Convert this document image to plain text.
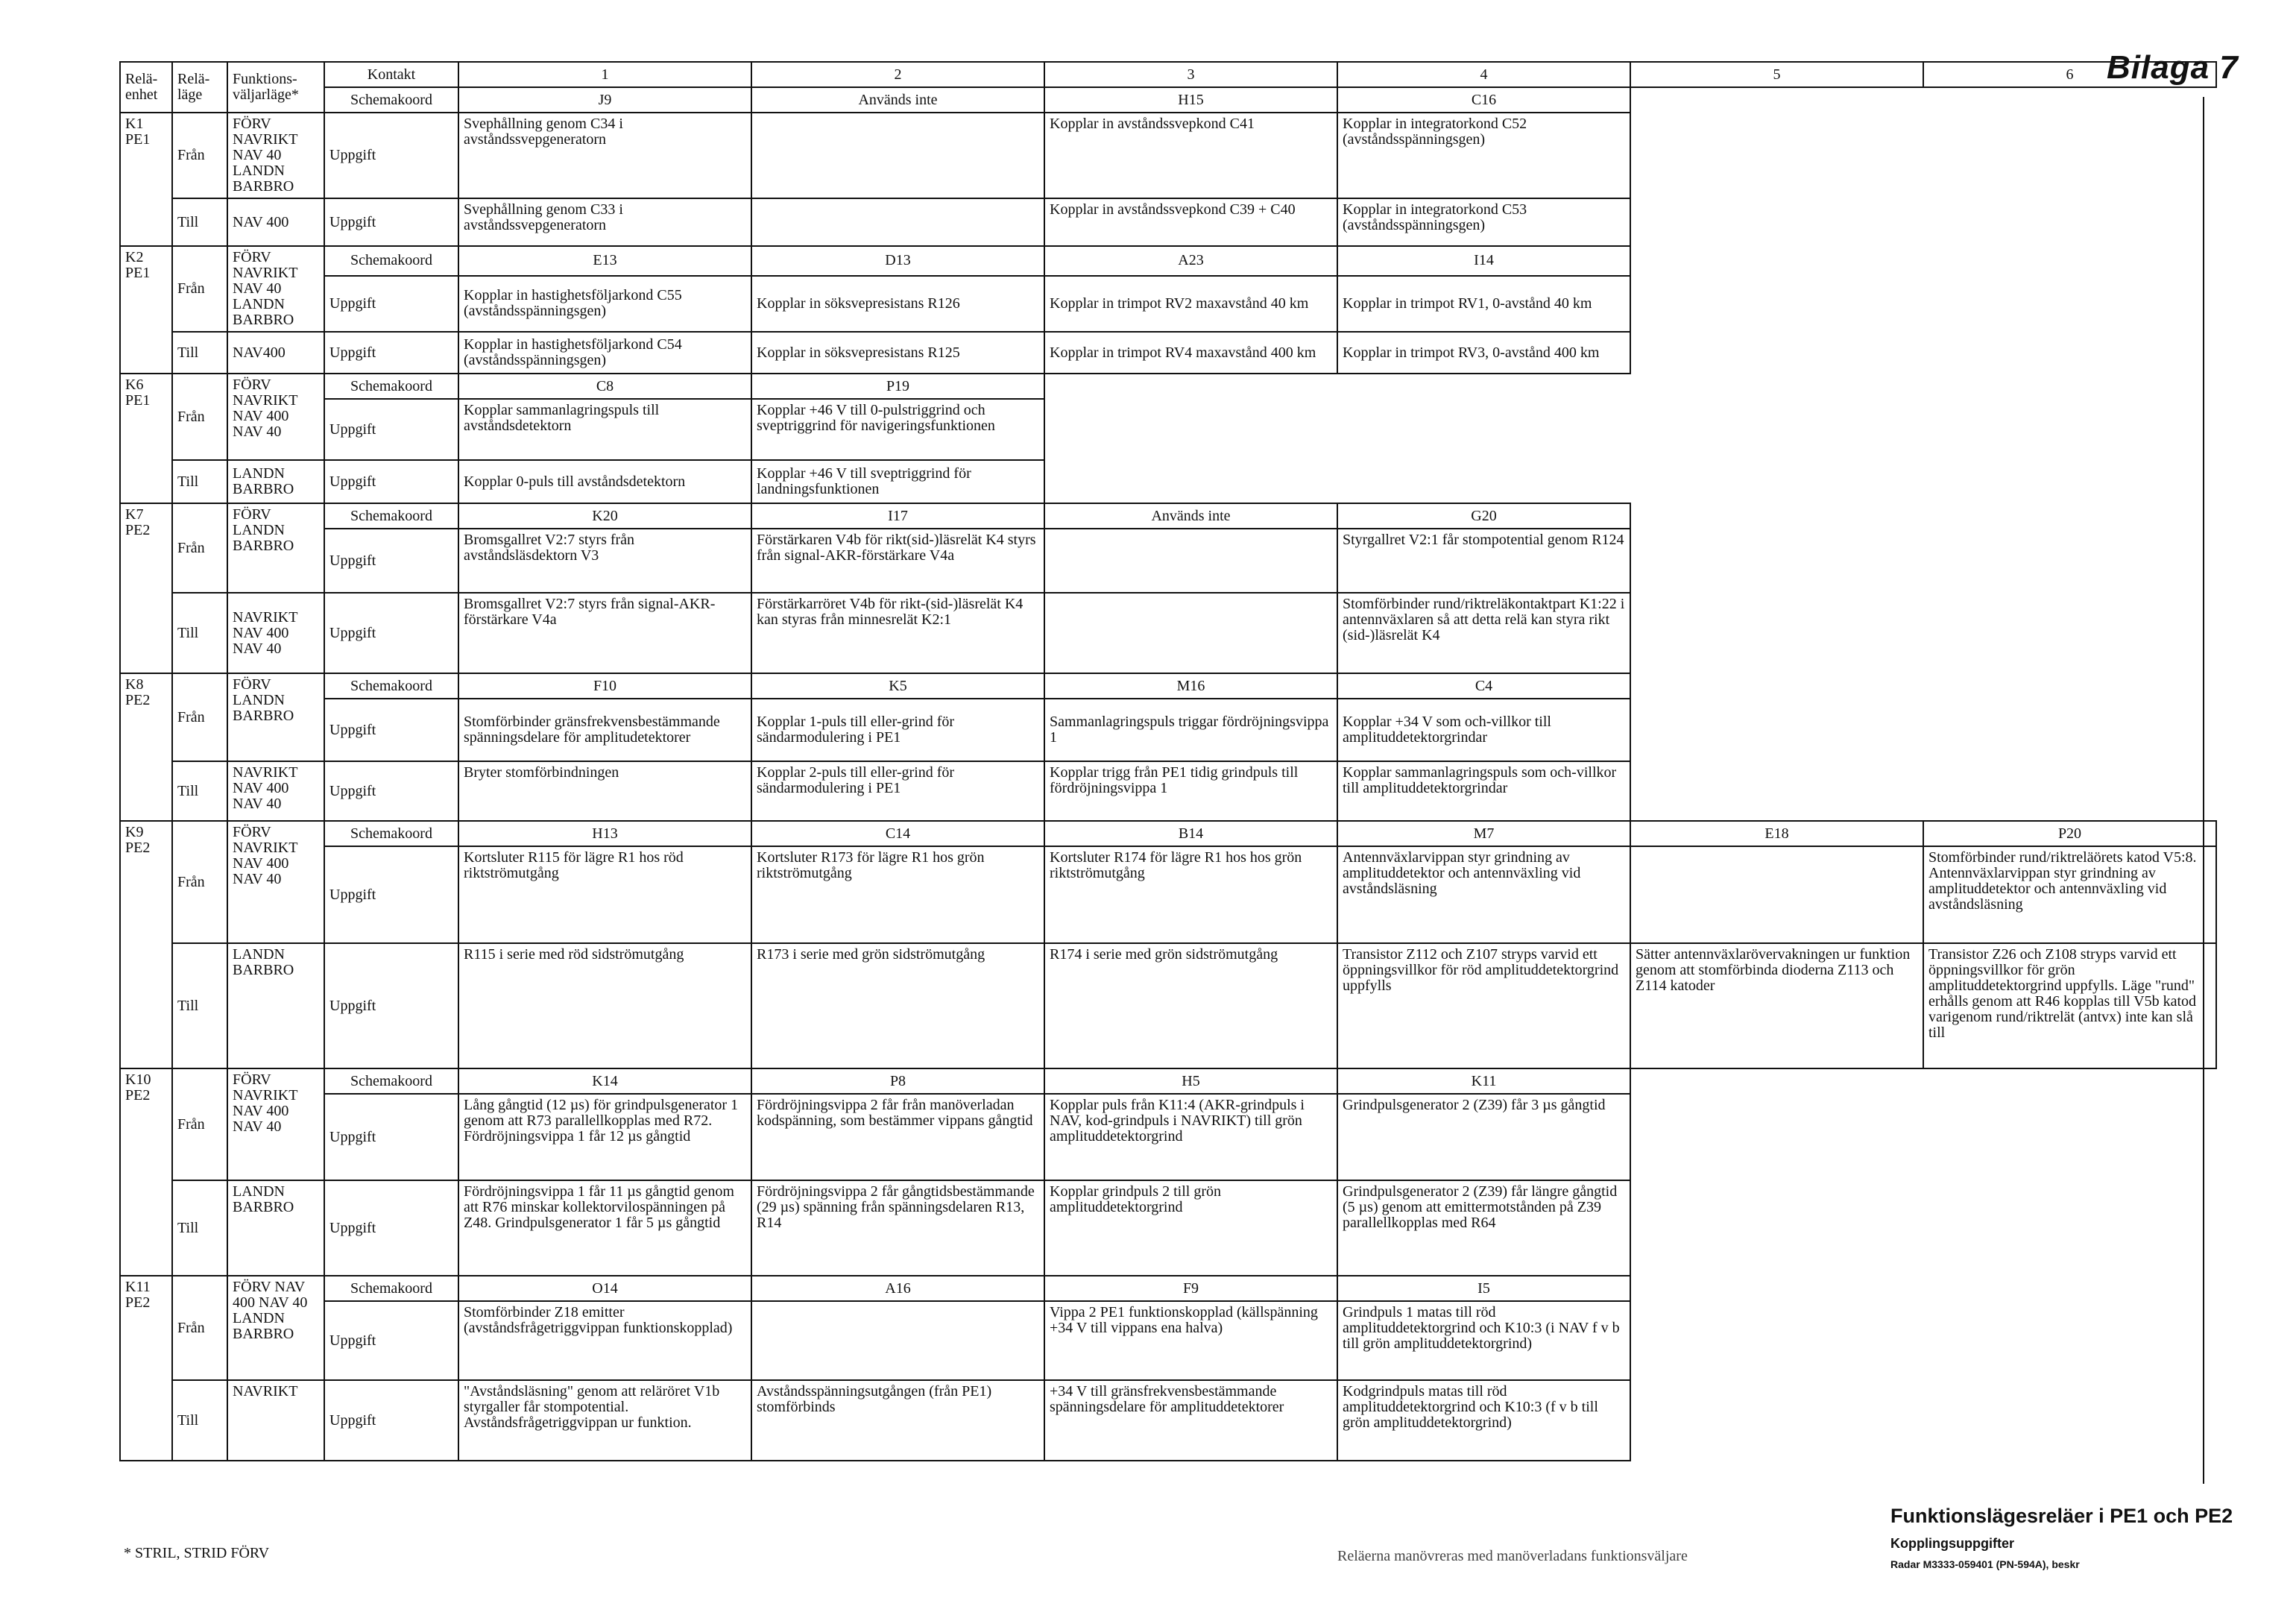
Bilaga 7
Relä-enhet	Relä-läge	Funktions-väljarläge*	Kontakt	1	2	3	4	5	6
			Schemakoord	J9	Används inte	H15	C16		
K1 PE1	Från	FÖRV NAVRIKT NAV 40 LANDN BARBRO	Uppgift	Svephållning genom C34 i avståndssvepgeneratorn		Kopplar in avståndssvepkond C41	Kopplar in integratorkond C52 (avståndsspänningsgen)		
	Till	NAV 400	Uppgift	Svephållning genom C33 i avståndssvepgeneratorn		Kopplar in avståndssvepkond C39 + C40	Kopplar in integratorkond C53 (avståndsspänningsgen)		
K2 PE1	Från	FÖRV NAVRIKT NAV 40 LANDN BARBRO	Schemakoord	E13	D13	A23	I14		
			Uppgift	Kopplar in hastighetsföljarkond C55 (avståndsspänningsgen)	Kopplar in söksvepresistans R126	Kopplar in trimpot RV2 maxavstånd 40 km	Kopplar in trimpot RV1, 0-avstånd 40 km		
	Till	NAV400	Uppgift	Kopplar in hastighetsföljarkond C54 (avståndsspänningsgen)	Kopplar in söksvepresistans R125	Kopplar in trimpot RV4 maxavstånd 400 km	Kopplar in trimpot RV3, 0-avstånd 400 km		
K6 PE1	Från	FÖRV NAVRIKT NAV 400 NAV 40	Schemakoord	C8	P19				
			Uppgift	Kopplar sammanlagringspuls till avståndsdetektorn	Kopplar +46 V till 0-pulstriggrind och sveptriggrind för navigeringsfunktionen				
	Till	LANDN BARBRO	Uppgift	Kopplar 0-puls till avståndsdetektorn	Kopplar +46 V till sveptriggrind för landningsfunktionen				
K7 PE2	Från	FÖRV LANDN BARBRO	Schemakoord	K20	I17	Används inte	G20		
			Uppgift	Bromsgallret V2:7 styrs från avståndsläsdektorn V3	Förstärkaren V4b för rikt(sid-)läsrelät K4 styrs från signal-AKR-förstärkare V4a		Styrgallret V2:1 får stompotential genom R124		
	Till	NAVRIKT NAV 400 NAV 40	Uppgift	Bromsgallret V2:7 styrs från signal-AKR-förstärkare V4a	Förstärkarröret V4b för rikt-(sid-)läsrelät K4 kan styras från minnesrelät K2:1		Stomförbinder rund/riktreläkontaktpart K1:22 i antennväxlaren så att detta relä kan styra rikt (sid-)läsrelät K4		
K8 PE2	Från	FÖRV LANDN BARBRO	Schemakoord	F10	K5	M16	C4		
			Uppgift	Stomförbinder gränsfrekvensbestämmande spänningsdelare för amplitudetektorer	Kopplar 1-puls till eller-grind för sändarmodulering i PE1	Sammanlagringspuls triggar fördröjningsvippa 1	Kopplar +34 V som och-villkor till amplituddetektorgrindar		
	Till	NAVRIKT NAV 400 NAV 40	Uppgift	Bryter stomförbindningen	Kopplar 2-puls till eller-grind för sändarmodulering i PE1	Kopplar trigg från PE1 tidig grindpuls till fördröjningsvippa 1	Kopplar sammanlagringspuls som och-villkor till amplituddetektorgrindar		
K9 PE2	Från	FÖRV NAVRIKT NAV 400 NAV 40	Schemakoord	H13	C14	B14	M7	E18	P20
			Uppgift	Kortsluter R115 för lägre R1 hos röd riktströmutgång	Kortsluter R173 för lägre R1 hos grön riktströmutgång	Kortsluter R174 för lägre R1 hos hos grön riktströmutgång	Antennväxlarvippan styr grindning av amplituddetektor och antennväxling vid avståndsläsning		Stomförbinder rund/riktreläörets katod V5:8. Antennväxlarvippan styr grindning av amplituddetektor och antennväxling vid avståndsläsning
	Till	LANDN BARBRO	Uppgift	R115 i serie med röd sidströmutgång	R173 i serie med grön sidströmutgång	R174 i serie med grön sidströmutgång	Transistor Z112 och Z107 stryps varvid ett öppningsvillkor för röd amplituddetektorgrind uppfylls	Sätter antennväxlarövervakningen ur funktion genom att stomförbinda dioderna Z113 och Z114 katoder	Transistor Z26 och Z108 stryps varvid ett öppningsvillkor för grön amplituddetektorgrind uppfylls. Läge "rund" erhålls genom att R46 kopplas till V5b katod varigenom rund/riktrelät (antvx) inte kan slå till
K10 PE2	Från	FÖRV NAVRIKT NAV 400 NAV 40	Schemakoord	K14	P8	H5	K11		
			Uppgift	Lång gångtid (12 µs) för grindpulsgenerator 1 genom att R73 parallellkopplas med R72. Fördröjningsvippa 1 får 12 µs gångtid	Fördröjningsvippa 2 får från manöverladan kodspänning, som bestämmer vippans gångtid	Kopplar puls från K11:4 (AKR-grindpuls i NAV, kod-grindpuls i NAVRIKT) till grön amplituddetektorgrind	Grindpulsgenerator 2 (Z39) får 3 µs gångtid		
	Till	LANDN BARBRO	Uppgift	Fördröjningsvippa 1 får 11 µs gångtid genom att R76 minskar kollektorvilospänningen på Z48. Grindpulsgenerator 1 får 5 µs gångtid	Fördröjningsvippa 2 får gångtidsbestämmande (29 µs) spänning från spänningsdelaren R13, R14	Kopplar grindpuls 2 till grön amplituddetektorgrind	Grindpulsgenerator 2 (Z39) får längre gångtid (5 µs) genom att emittermotstånden på Z39 parallellkopplas med R64		
K11 PE2	Från	FÖRV NAV 400 NAV 40 LANDN BARBRO	Schemakoord	O14	A16	F9	I5		
			Uppgift	Stomförbinder Z18 emitter (avståndsfrågetriggvippan funktionskopplad)		Vippa 2 PE1 funktionskopplad (källspänning +34 V till vippans ena halva)	Grindpuls 1 matas till röd amplituddetektorgrind och K10:3 (i NAV f v b till grön amplituddetektorgrind)		
	Till	NAVRIKT	Uppgift	"Avståndsläsning" genom att reläröret V1b styrgaller får stompotential. Avståndsfrågetriggvippan ur funktion.	Avståndsspänningsutgången (från PE1) stomförbinds	+34 V till gränsfrekvensbestämmande spänningsdelare för amplituddetektorer	Kodgrindpuls matas till röd amplituddetektorgrind och K10:3 (f v b till grön amplituddetektorgrind)		
* STRIL, STRID FÖRV	Reläerna manövreras med manöverladans funktionsväljare
Funktionslägesreläer i PE1 och PE2
Kopplingsuppgifter
Radar M3333-059401 (PN-594A), beskr
